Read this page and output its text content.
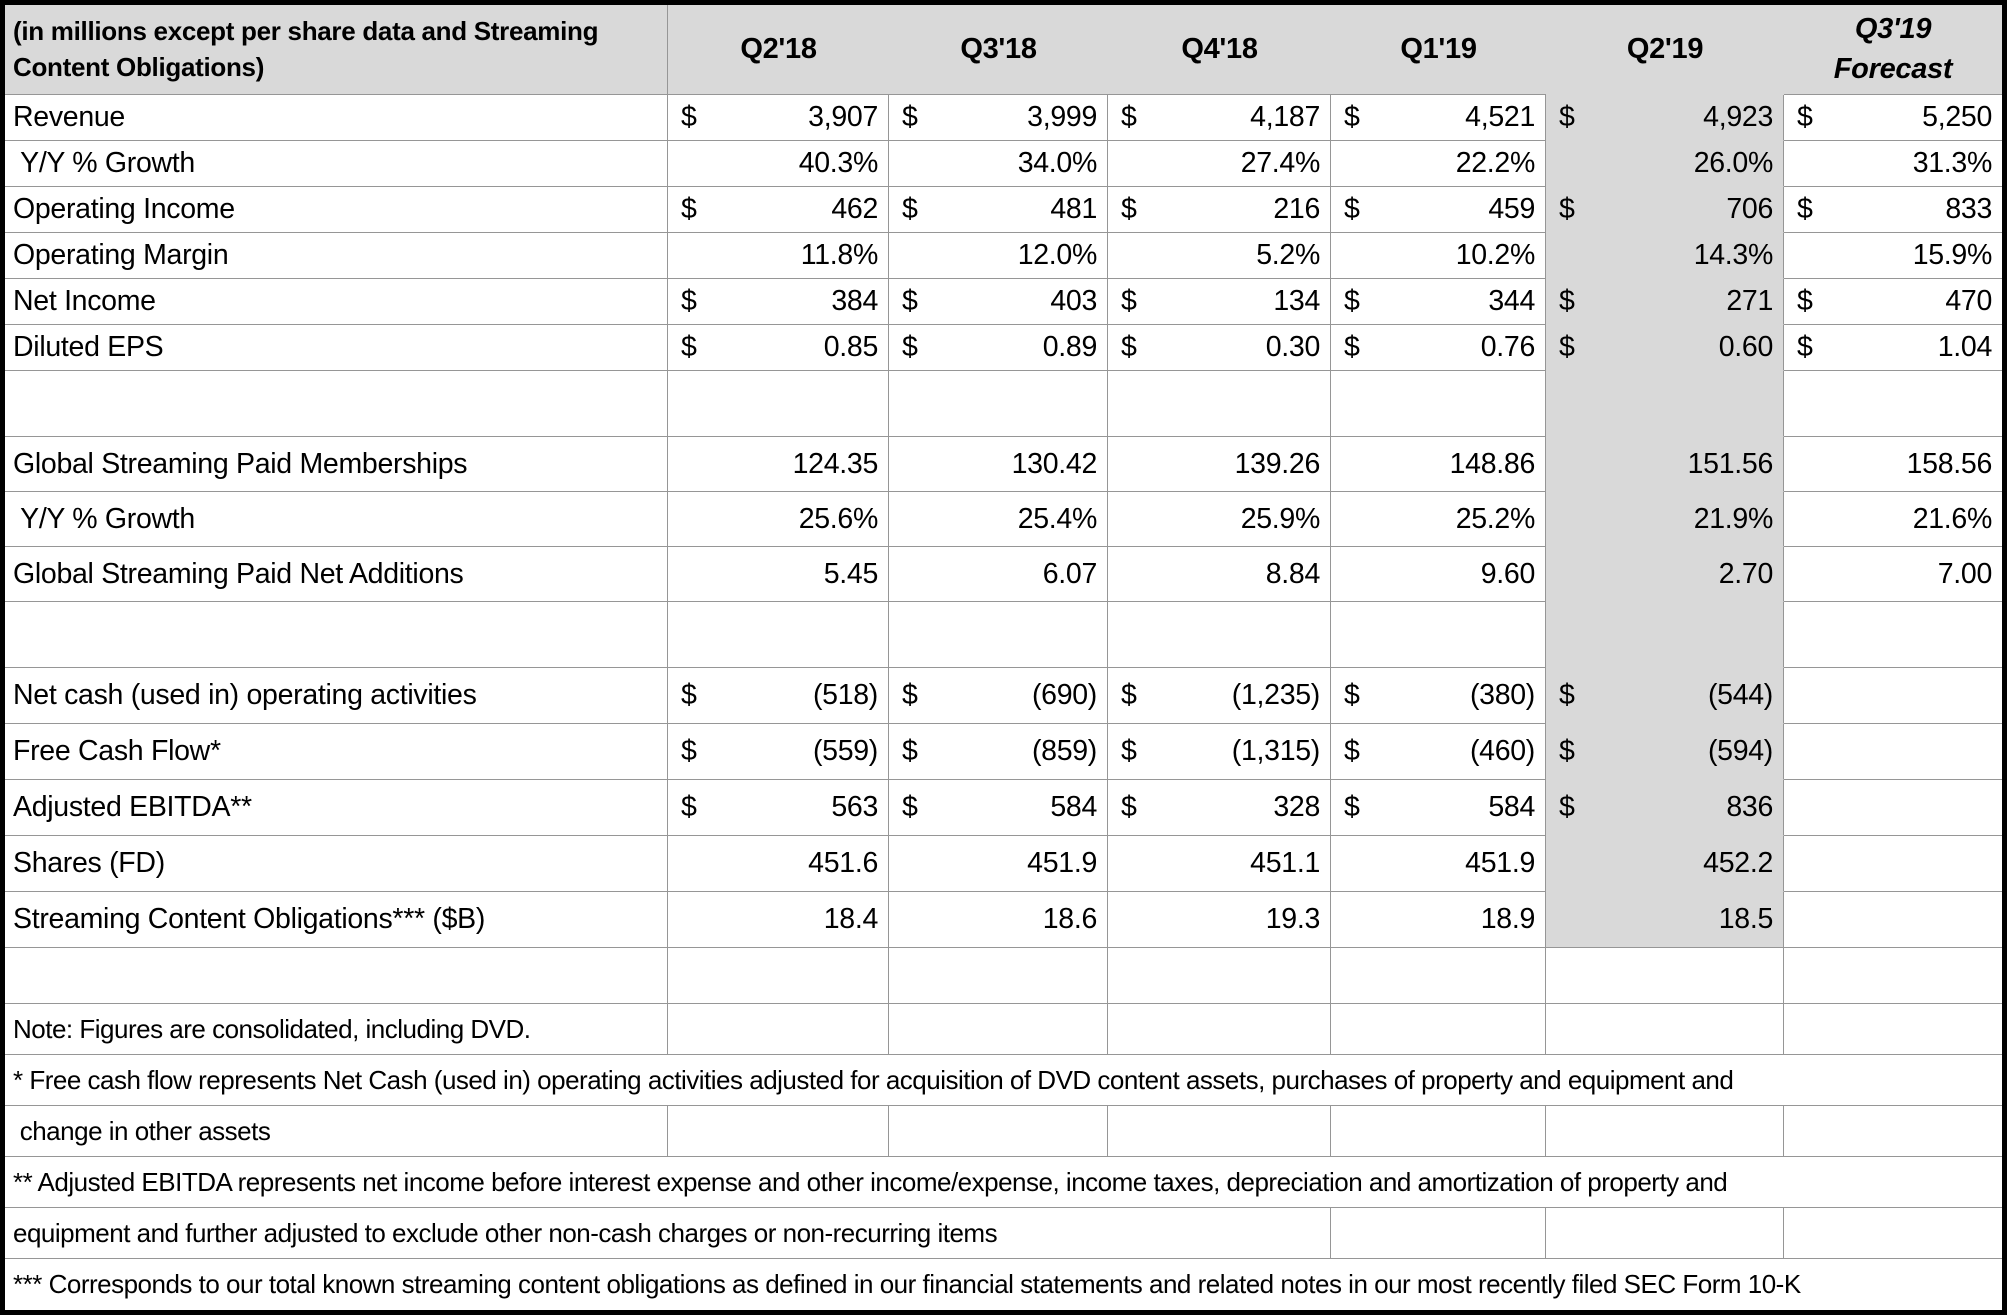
(in millions except per share data and Streaming Content Obligations)	Q2'18	Q3'18	Q4'18	Q1'19	Q2'19	Q3'19
Forecast

Revenue	$ 3,907	$ 3,999	$ 4,187	$ 4,521	$ 4,923	$ 5,250

Y/Y % Growth	40.3%	34.0%	27.4%	22.2%	26.0%	31.3%

Operating Income	$ 462	$ 481	$ 216	$ 459	$ 706	$ 833

Operating Margin	11.8%	12.0%	5.2%	10.2%	14.3%	15.9%

Net Income	$ 384	$ 403	$ 134	$ 344	$ 271	$ 470

Diluted EPS	$ 0.85	$ 0.89	$ 0.30	$ 0.76	$ 0.60	$ 1.04

Global Streaming Paid Memberships	124.35	130.42	139.26	148.86	151.56	158.56

Y/Y % Growth	25.6%	25.4%	25.9%	25.2%	21.9%	21.6%

Global Streaming Paid Net Additions	5.45	6.07	8.84	9.60	2.70	7.00

Net cash (used in) operating activities	$ (518)	$ (690)	$ (1,235)	$ (380)	$ (544)	

Free Cash Flow*	$ (559)	$ (859)	$ (1,315)	$ (460)	$ (594)	

Adjusted EBITDA**	$ 563	$ 584	$ 328	$ 584	$ 836	

Shares (FD)	451.6	451.9	451.1	451.9	452.2	

Streaming Content Obligations*** ($B)	18.4	18.6	19.3	18.9	18.5	

Note: Figures are consolidated, including DVD.						
* Free cash flow represents Net Cash (used in) operating activities adjusted for acquisition of DVD content assets, purchases of property and equipment and						
change in other assets						
** Adjusted EBITDA represents net income before interest expense and other income/expense, income taxes, depreciation and amortization of property and						
equipment and further adjusted to exclude other non-cash charges or non-recurring items						
*** Corresponds to our total known streaming content obligations as defined in our financial statements and related notes in our most recently filed SEC Form 10-K						
